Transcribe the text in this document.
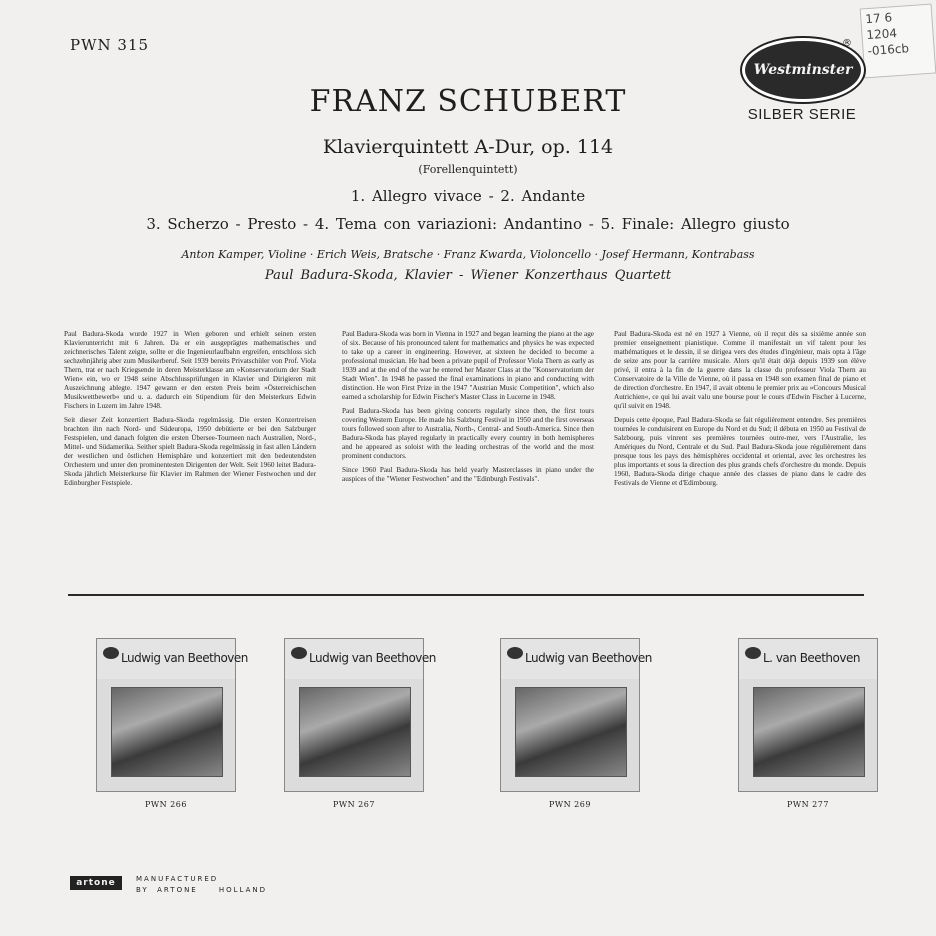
PWN 315
17 6
1204
-016cb
®
Westminster
SILBER SERIE
FRANZ SCHUBERT
Klavierquintett A-Dur, op. 114
(Forellenquintett)
1. Allegro vivace - 2. Andante
3. Scherzo - Presto - 4. Tema con variazioni: Andantino - 5. Finale: Allegro giusto
Anton Kamper, Violine · Erich Weis, Bratsche · Franz Kwarda, Violoncello · Josef Hermann, Kontrabass
Paul Badura-Skoda, Klavier - Wiener Konzerthaus Quartett

Paul Badura-Skoda wurde 1927 in Wien geboren und erhielt seinen ersten Klavierunterricht mit 6 Jahren. Da er ein ausgeprägtes mathematisches und zeichnerisches Talent zeigte, sollte er die Ingenieurlaufbahn ergreifen, entschloss sich sechzehnjährig aber zum Musikerberuf. Seit 1939 bereits Privatschüler von Prof. Viola Thern, trat er nach Kriegsende in deren Meisterklasse am »Konservatorium der Stadt Wien« ein, wo er 1948 seine Abschlussprüfungen in Klavier und Dirigieren mit Auszeichnung ablegte. 1947 gewann er den ersten Preis beim »Österreichischen Musikwettbewerb« und u. a. dadurch ein Stipendium für den Meisterkurs Edwin Fischers in Luzern im Jahre 1948.

Seit dieser Zeit konzertiert Badura-Skoda regelmässig. Die ersten Konzertreisen brachten ihn nach Nord- und Südeuropa, 1950 debütierte er bei den Salzburger Festspielen, und danach folgten die ersten Übersee-Tourneen nach Australien, Nord-, Mittel- und Südamerika. Seither spielt Badura-Skoda regelmässig in fast allen Ländern der westlichen und östlichen Hemisphäre und konzertiert mit den bedeutendsten Orchestern und unter den prominentesten Dirigenten der Welt. Seit 1960 leitet Badura-Skoda jährlich Meisterkurse für Klavier im Rahmen der Wiener Festwochen und der Edinburgher Festspiele.

Paul Badura-Skoda was born in Vienna in 1927 and began learning the piano at the age of six. Because of his pronounced talent for mathematics and physics he was expected to take up a career in engineering. However, at sixteen he decided to become a professional musician. He had been a private pupil of Professor Viola Thern as early as 1939 and at the end of the war he entered her Master Class at the "Konservatorium der Stadt Wien". In 1948 he passed the final examinations in piano and conducting with distinction. He won First Prize in the 1947 "Austrian Music Competition", which also earned a scholarship for Edwin Fischer's Master Class in Lucerne in 1948.

Paul Badura-Skoda has been giving concerts regularly since then, the first tours covering Western Europe. He made his Salzburg Festival in 1950 and the first overseas tours followed soon after to Australia, North-, Central- and South-America. Since then Badura-Skoda has played regularly in practically every country in both hemispheres and he appeared as soloist with the leading orchestras of the world and the most prominent conductors.

Since 1960 Paul Badura-Skoda has held yearly Masterclasses in piano under the auspices of the "Wiener Festwochen" and the "Edinburgh Festivals".

Paul Badura-Skoda est né en 1927 à Vienne, où il reçut dès sa sixième année son premier enseignement pianistique. Comme il manifestait un vif talent pour les mathématiques et le dessin, il se dirigea vers des études d'ingénieur, mais opta à l'âge de seize ans pour la carrière musicale. Alors qu'il était déjà depuis 1939 son élève privé, il entra à la fin de la guerre dans la classe du professeur Viola Thern au Conservatoire de la Ville de Vienne, où il passa en 1948 son examen final de piano et de direction d'orchestre. En 1947, il avait obtenu le premier prix au »Concours Musical Autrichien«, ce qui lui avait valu une bourse pour le cours d'Edwin Fischer à Lucerne, qu'il suivit en 1948.

Depuis cette époque, Paul Badura-Skoda se fait régulièrement entendre. Ses premières tournées le conduisirent en Europe du Nord et du Sud; il débuta en 1950 au Festival de Salzbourg, puis vinrent ses premières tournées outre-mer, vers l'Australie, les Amériques du Nord, Centrale et du Sud. Paul Badura-Skoda joue régulièrement dans presque tous les pays des hémisphères occidental et oriental, avec les orchestres les plus importants et sous la direction des plus grands chefs d'orchestre du monde. Depuis 1960, Badura-Skoda dirige chaque année des classes de piano dans le cadre des Festivals de Vienne et d'Edimbourg.

Ludwig van Beethoven
PWN 266
Ludwig van Beethoven
PWN 267
Ludwig van Beethoven
PWN 269
L. van Beethoven
PWN 277
artone	MANUFACTURED
BY  ARTONE     HOLLAND
